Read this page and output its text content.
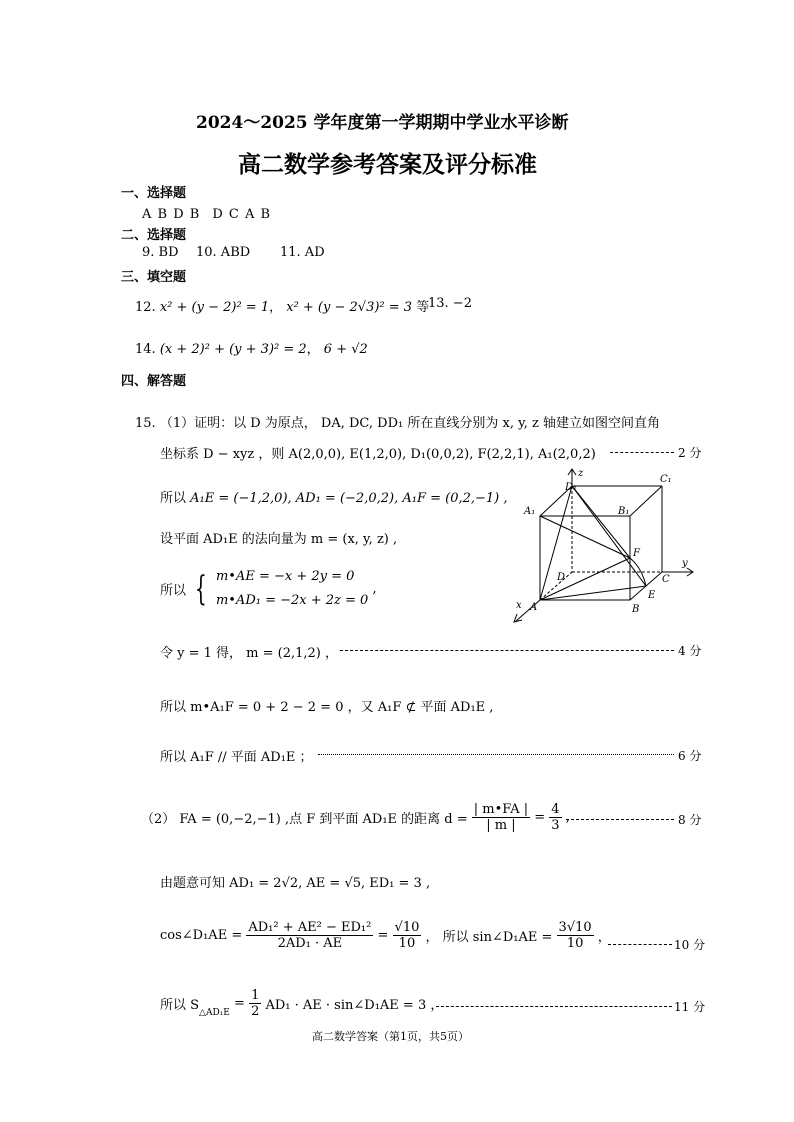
2024～2025 学年度第一学期期中学业水平诊断
高二数学参考答案及评分标准
一、选择题
A B D B　D C A B
二、选择题
9. BD 10. ABD 11. AD
三、填空题
12. x² + (y − 2)² = 1， x² + (y − 2√3)² = 3 等
13. −2
14. (x + 2)² + (y + 3)² = 2， 6 + √2
四、解答题
15. （1）证明：以 D 为原点， DA, DC, DD₁ 所在直线分别为 x, y, z 轴建立如图空间直角
坐标系 D − xyz ，则 A(2,0,0), E(1,2,0), D₁(0,0,2), F(2,2,1), A₁(2,0,2)	2 分
所以 A₁E = (−1,2,0), AD₁ = (−2,0,2), A₁F = (0,2,−1) ,
设平面 AD₁E 的法向量为 m = (x, y, z) ,
所以 { m•AE = −x + 2y = 0
m•AD₁ = −2x + 2z = 0
,
令 y = 1 得， m = (2,1,2) ，	4 分
所以 m•A₁F = 0 + 2 − 2 = 0 ，又 A₁F ⊄ 平面 AD₁E ,
所以 A₁F // 平面 AD₁E ；	6 分
（2） FA = (0,−2,−1) ,点 F 到平面 AD₁E 的距离 $d = \frac{| m•FA |}{| m |} = \frac{4}{3}$ ,	8 分
由题意可知 AD₁ = 2√2, AE = √5, ED₁ = 3 ,
cos∠D₁AE = $\frac{\text{AD₁² + AE² − ED₁²}}{\text{2AD₁ · AE}} = \frac{√10}{10}$ ， 所以 sin∠D₁AE = $\frac{3√10}{10}$ ，	10 分
所以 $S_{\triangle AD_1E} = \frac{1}{2} AD_1$ · AE · sin∠D₁AE = 3 ，	11 分
D₁
z
C₁
A₁	B₁
F
y
D	C
E
x A	B
高二数学答案（第1页，共5页）
